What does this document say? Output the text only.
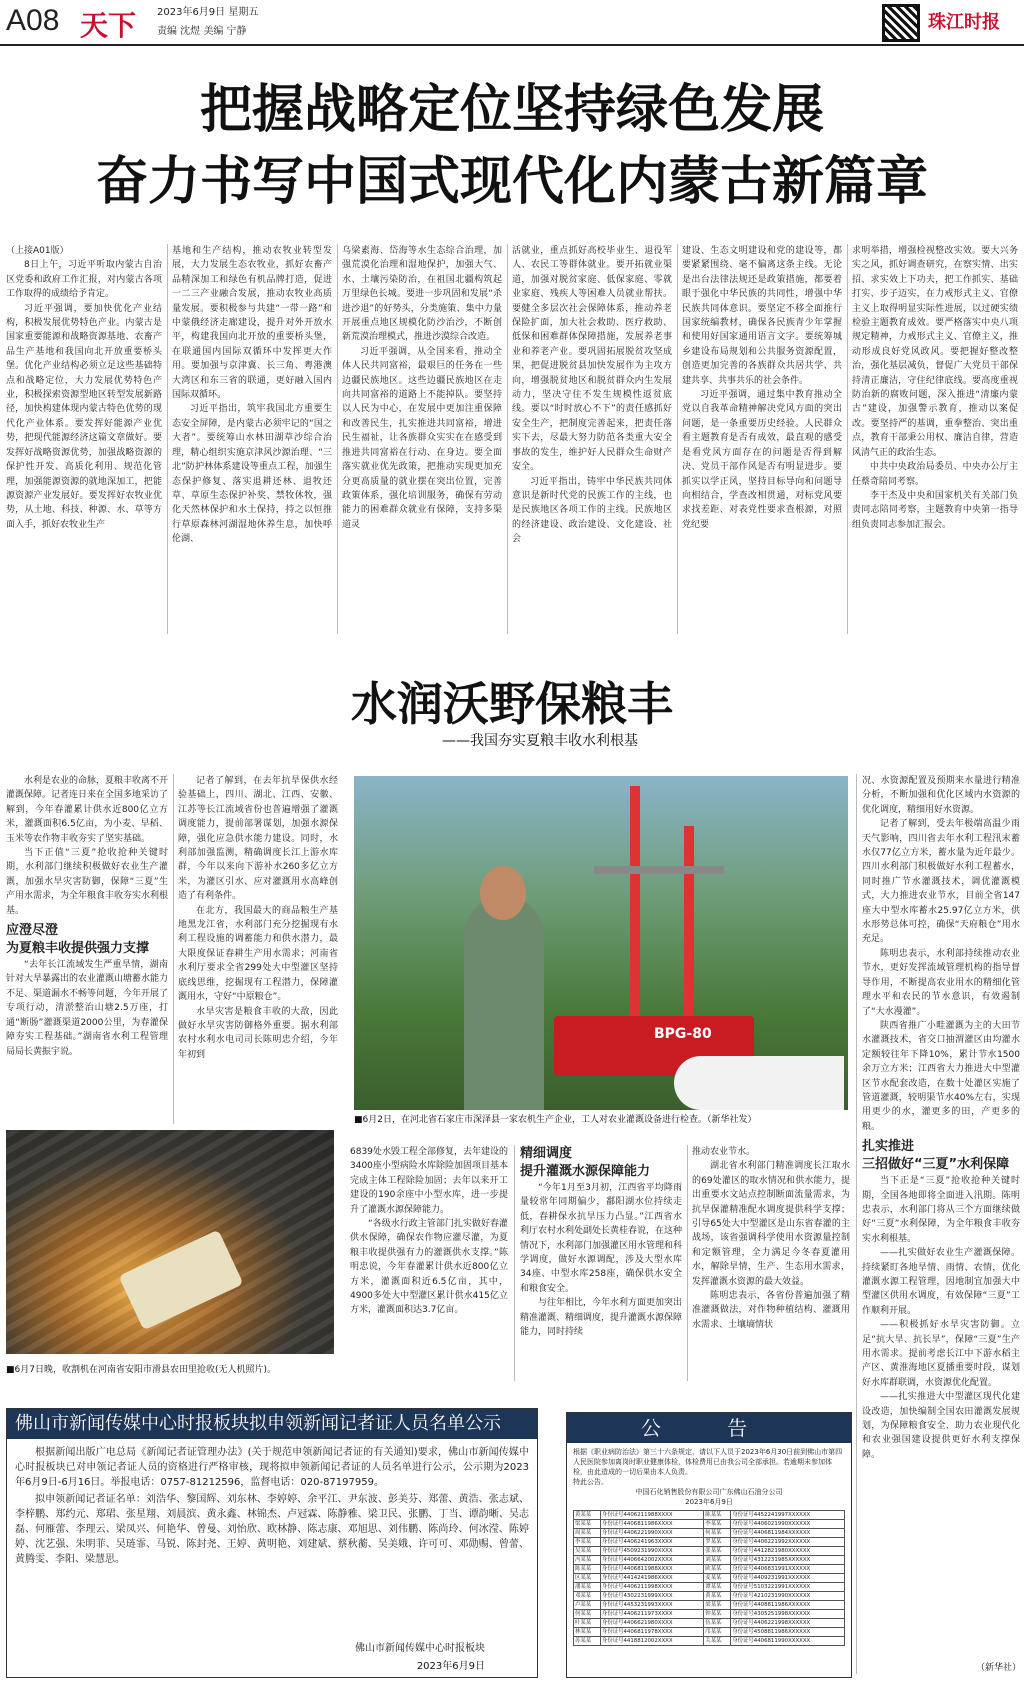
A08 天下 2023年6月9日 星期五
责编 沈煜 美编 宁静	珠江时报
把握战略定位坚持绿色发展
奋力书写中国式现代化内蒙古新篇章

（上接A01版）

8日上午，习近平听取内蒙古自治区党委和政府工作汇报，对内蒙古各项工作取得的成绩给予肯定。

习近平强调，要加快优化产业结构，积极发展优势特色产业。内蒙古是国家重要能源和战略资源基地、农畜产品生产基地和我国向北开放重要桥头堡。优化产业结构必须立足这些基础特点和战略定位，大力发展优势特色产业，积极探索资源型地区转型发展新路径，加快构建体现内蒙古特色优势的现代化产业体系。要发挥好能源产业优势，把现代能源经济这篇文章做好。要发挥好战略资源优势，加强战略资源的保护性开发、高质化利用、规范化管理，加强能源资源的就地深加工，把能源资源产业发展好。要发挥好农牧业优势，从土地、科技、种源、水、草等方面入手，抓好农牧业生产

基地和生产结构，推动农牧业转型发展，大力发展生态农牧业，抓好农畜产品精深加工和绿色有机品牌打造，促进一二三产业融合发展，推动农牧业高质量发展。要积极参与共建“一带一路”和中蒙俄经济走廊建设，提升对外开放水平，构建我国向北开放的重要桥头堡，在联通国内国际双循环中发挥更大作用。要加强与京津冀、长三角、粤港澳大湾区和东三省的联通，更好融入国内国际双循环。

习近平指出，筑牢我国北方重要生态安全屏障，是内蒙古必须牢记的“国之大者”。要统筹山水林田湖草沙综合治理，精心组织实施京津风沙源治理、“三北”防护林体系建设等重点工程，加强生态保护修复、落实退耕还林、退牧还草、草原生态保护补奖、禁牧休牧，强化天然林保护和水土保持，持之以恒推行草原森林河湖湿地休养生息，加快呼伦湖、

乌梁素海、岱海等水生态综合治理，加强荒漠化治理和湿地保护，加强大气、水、土壤污染防治，在祖国北疆构筑起万里绿色长城。要进一步巩固和发展“杀进沙退”的好势头，分类施策、集中力量开展重点地区规模化防沙治沙，不断创新荒漠治理模式，推进沙漠综合改造。

习近平强调，从全国来看，推动全体人民共同富裕，最艰巨的任务在一些边疆民族地区。这些边疆民族地区在走向共同富裕的道路上不能掉队。要坚持以人民为中心，在发展中更加注重保障和改善民生，扎实推进共同富裕，增进民生福祉，让各族群众实实在在感受到推进共同富裕在行动、在身边。要全面落实就业优先政策，把推动实现更加充分更高质量的就业摆在突出位置，完善政策体系，强化培训服务，确保有劳动能力的困难群众就业有保障，支持多渠道灵

活就业，重点抓好高校毕业生、退役军人、农民工等群体就业。要开拓就业渠道，加强对脱贫家庭、低保家庭、零就业家庭、残疾人等困难人员就业帮扶。要健全多层次社会保障体系，推动养老保险扩面，加大社会救助、医疗救助、低保和困难群体保障措施，发展养老事业和养老产业。要巩固拓展脱贫攻坚成果，把促进脱贫县加快发展作为主攻方向，增强脱贫地区和脱贫群众内生发展动力，坚决守住不发生规模性返贫底线。要以“时时放心不下”的责任感抓好安全生产，把制度完善起来，把责任落实下去，尽最大努力防范各类重大安全事故的发生，维护好人民群众生命财产安全。

习近平指出，铸牢中华民族共同体意识是新时代党的民族工作的主线，也是民族地区各项工作的主线。民族地区的经济建设、政治建设、文化建设、社会

建设、生态文明建设和党的建设等，都要紧紧围绕、毫不偏离这条主线。无论是出台法律法规还是政策措施，都要着眼于强化中华民族的共同性，增强中华民族共同体意识。要坚定不移全面推行国家统编教材，确保各民族青少年掌握和使用好国家通用语言文字。要统筹城乡建设布局规划和公共服务资源配置，创造更加完善的各族群众共居共学、共建共享、共事共乐的社会条件。

习近平强调，通过集中教育推动全党以自我革命精神解决党风方面的突出问题，是一条重要历史经验。人民群众看主题教育是否有成效，最直观的感受是看党风方面存在的问题是否得到解决、党员干部作风是否有明显进步。要抓实以学正风，坚持目标导向和问题导向相结合，学查改相贯通，对标党风要求找差距、对表党性要求查根源，对照党纪要

求明举措，增强检视整改实效。要大兴务实之风，抓好调查研究，在察实情、出实招、求实效上下功夫，把工作抓实、基础打实、步子迈实，在力戒形式主义、官僚主义上取得明显实际性进展，以过硬实绩检验主题教育成效。要严格落实中央八项规定精神，力戒形式主义、官僚主义，推动形成良好党风政风。要把握好整改整治，强化基层减负，督促广大党员干部保持清正廉洁，守住纪律底线。要高度重视防治新的腐败问题，深入推进“清廉内蒙古”建设，加强警示教育，推动以案促改。要坚持严的基调，重拳整治、突出重点，教育干部秉公用权、廉洁自律，营造风清气正的政治生态。

中共中央政治局委员、中央办公厅主任蔡奇陪同考察。

李干杰及中央和国家机关有关部门负责同志陪同考察，主题教育中央第一指导组负责同志参加汇报会。

水润沃野保粮丰
——我国夯实夏粮丰收水利根基

水利是农业的命脉，夏粮丰收离不开灌溉保障。记者连日来在全国多地采访了解到，今年春灌累计供水近800亿立方米，灌溉面积6.5亿亩，为小麦、早稻、玉米等农作物丰收夯实了坚实基础。

当下正值“三夏”抢收抢种关键时期，水利部门继续积极做好农业生产灌溉，加强水旱灾害防御，保障“三夏”生产用水需求，为全年粮食丰收夯实水利根基。

应澄尽澄
为夏粮丰收提供强力支撑

“去年长江流域发生严重旱情，湖南针对大旱暴露出的农业灌溉山塘蓄水能力不足、渠道漏水不畅等问题，今年开展了专项行动，清淤整治山塘2.5万座，打通“断肠”灌溉渠道2000公里，为春灌保障夯实工程基础。”湖南省水利工程管理局局长黄振宇说。

记者了解到，在去年抗旱保供水经验基础上，四川、湖北、江西、安徽、江苏等长江流域省份也普遍增强了灌溉调度能力，提前部署谋划，加强水源保障，强化应急供水能力建设。同时，水利部加强监测，精确调度长江上游水库群，今年以来向下游补水260多亿立方米，为灌区引水、应对灌溉用水高峰创造了有利条件。

在北方，我国最大的商品粮生产基地黑龙江省，水利部门充分挖掘现有水利工程设施的调蓄能力和供水潜力，最大限度保证春耕生产用水需求；河南省水利厅要求全省299处大中型灌区坚持底线思维，挖掘现有工程潜力，保障灌溉用水，守好“中原粮仓”。

水旱灾害是粮食丰收的大敌，因此做好水旱灾害防御格外重要。据水利部农村水利水电司司长陈明忠介绍，今年年初到

BPG-80
■6月2日，在河北省石家庄市深泽县一家农机生产企业，工人对农业灌溉设备进行检查。（新华社发）
■6月7日晚，收割机在河南省安阳市滑县农田里抢收(无人机照片)。

6839处水毁工程全部修复，去年建设的3400座小型病险水库除险加固项目基本完成主体工程除险加固；去年以来开工建设的190余座中小型水库，进一步提升了灌溉水源保障能力。

“各级水行政主管部门扎实做好春灌供水保障，确保农作物应灌尽灌，为夏粮丰收提供强有力的灌溉供水支撑。”陈明忠说，今年春灌累计供水近800亿立方米，灌溉面积近6.5亿亩，其中，4900多处大中型灌区累计供水415亿立方米，灌溉面积达3.7亿亩。

精细调度
提升灌溉水源保障能力

“今年1月至3月初，江西省平均降雨量较常年同期偏少，鄱阳湖水位持续走低，春耕保水抗旱压力凸显。”江西省水利厅农村水利处副处长黄桂春说，在这种情况下，水利部门加强灌区用水管理和科学调度，做好水源调配，涉及大型水库34座、中型水库258座，确保供水安全和粮食安全。

与往年相比，今年水利方面更加突出精准灌溉、精细调度，提升灌溉水源保障能力，同时持续

推动农业节水。

湖北省水利部门精准调度长江取水的69处灌区的取水情况和供水能力，提出重要水文站点控制断面流量需求，为抗旱保灌精准配水调度提供科学支撑；引导65处大中型灌区是山东省春灌的主战场，该省强调科学使用水资源量控制和定额管理，全力满足今冬春夏灌用水，解除旱情，生产、生态用水需求，发挥灌溉水资源的最大效益。

陈明忠表示，各省份普遍加强了精准灌溉做法，对作物种植结构、灌溉用水需求、土壤墒情状

况、水资源配置及预期来水量进行精准分析，不断加强和优化区域内水资源的优化调度，精细用好水资源。

记者了解到，受去年极端高温少雨天气影响，四川省去年水利工程汛末蓄水仅77亿立方米，蓄水量为近年最少。四川水利部门积极做好水利工程蓄水，同时推广节水灌溉技术，调优灌溉模式，大力推进农业节水，目前全省147座大中型水库蓄水25.97亿立方米，供水形势总体可控，确保“天府粮仓”用水充足。

陈明忠表示，水利部持续推动农业节水，更好发挥流域管理机构的指导督导作用，不断提高农业用水的精细化管理水平和农民的节水意识，有效遏制了“大水漫灌”。

陕西省推广小畦灌溉为主的大田节水灌溉技术，省交口抽渭灌区由均灌水定额较往年下降10%，累计节水1500余万立方米；江西省大力推进大中型灌区节水配套改造，在数十处灌区实施了管道灌溉，较明渠节水40%左右，实现用更少的水，灌更多的田，产更多的粮。

扎实推进
三招做好“三夏”水利保障

当下正是“三夏”抢收抢种关键时期，全国各地即将全面进入汛期。陈明忠表示，水利部门将从三个方面继续做好“三夏”水利保障，为全年粮食丰收夯实水利根基。

——扎实做好农业生产灌溉保障。持续紧盯各地旱情、雨情、农情，优化灌溉水源工程管理，因地制宜加强大中型灌区供用水调度，有效保障“三夏”工作顺利开展。

——积极抓好水旱灾害防御。立足“抗大旱、抗长旱”，保障“三夏”生产用水需求。提前考虑长江中下游水稻主产区、黄淮海地区夏播重要时段，谋划好水库群联调，水资源优化配置。

——扎实推进大中型灌区现代化建设改造，加快编制全国农田灌溉发展规划，为保障粮食安全、助力农业现代化和农业强国建设提供更好水利支撑保障。

（新华社）
佛山市新闻传媒中心时报板块拟申领新闻记者证人员名单公示

根据新闻出版广电总局《新闻记者证管理办法》(关于规范申领新闻记者证的有关通知)要求，佛山市新闻传媒中心时报板块已对申领记者证人员的资格进行严格审核，现将拟申领新闻记者证的人员名单进行公示，公示期为2023年6月9日-6月16日。举报电话：0757-81212596，监督电话：020-87197959。

拟申领新闻记者证名单：刘浩华、黎国辉、刘东林、李婷婷、余平江、尹东波、彭美芬、郑蕾、黄浩、张志斌、李梓鹏、郑约元、郑珺、张星翔、刘晨滨、黄永鑫、林锦杰、卢冠霖、陈静雅、梁卫民、张鹏、丁当、谭韵晰、吴志磊、何雁蕾、李理云、梁凤兴、何艳华、曾曼、刘怡欣、欧林静、陈志康、邓旭思、刘伟鹏、陈尚玲、何冰滢、陈婷婷、沈艺强、朱明菲、吴琏霏、马锐、陈封尧、王婷、黄明艳、刘建斌、蔡秋蘅、吴美娥、许可可、邓勋赐、曾蕾、黄腾雯、李阳、梁慧思。

佛山市新闻传媒中心时报板块
2023年6月9日
公 告

根据《职业病防治法》第三十六条规定，请以下人员于2023年6月30日前到佛山市第四人民医院参加离岗时职业健康体检，体检费用已由我公司全部承担。若逾期未参加体检，由此造成的一切后果由本人负责。

特此公告。

中国石化销售股份有限公司广东佛山石油分公司
2023年6月9日
黄某某	身份证号4406211988XXXX	陈某某	身份证号4452241997XXXXXX
梁某某	身份证号4406811986XXXX	李某某	身份证号4406021990XXXXXX
周某某	身份证号4406221990XXXX	何某某	身份证号4406811984XXXXXX
李某某	身份证号4406241963XXXX	罗某某	身份证号4406221992XXXXXX
吴某某	身份证号4509231990XXXX	张某某	身份证号4412821980XXXXXX
冯某某	身份证号4406642002XXXX	刘某某	身份证号4312231985XXXXXX
陈某某	身份证号4406811988XXXX	欧某某	身份证号4406831991XXXXXX
区某某	身份证号4414241986XXXX	麦某某	身份证号4409231991XXXXXX
潘某某	身份证号4406211998XXXX	谭某某	身份证号5103221991XXXXXX
邓某某	身份证号4302231999XXXX	黄某某	身份证号4210231990XXXXXX
卢某某	身份证号4453231993XXXX	梁某某	身份证号4408811986XXXXXX
何某某	身份证号4406211973XXXX	钟某某	身份证号4305251998XXXXXX
叶某某	身份证号4406621980XXXX	伍某某	身份证号4406221998XXXXXX
林某某	身份证号4406811978XXXX	邝某某	身份证号4508811986XXXXXX
苏某某	身份证号4418812002XXXX	关某某	身份证号4406811990XXXXXX
